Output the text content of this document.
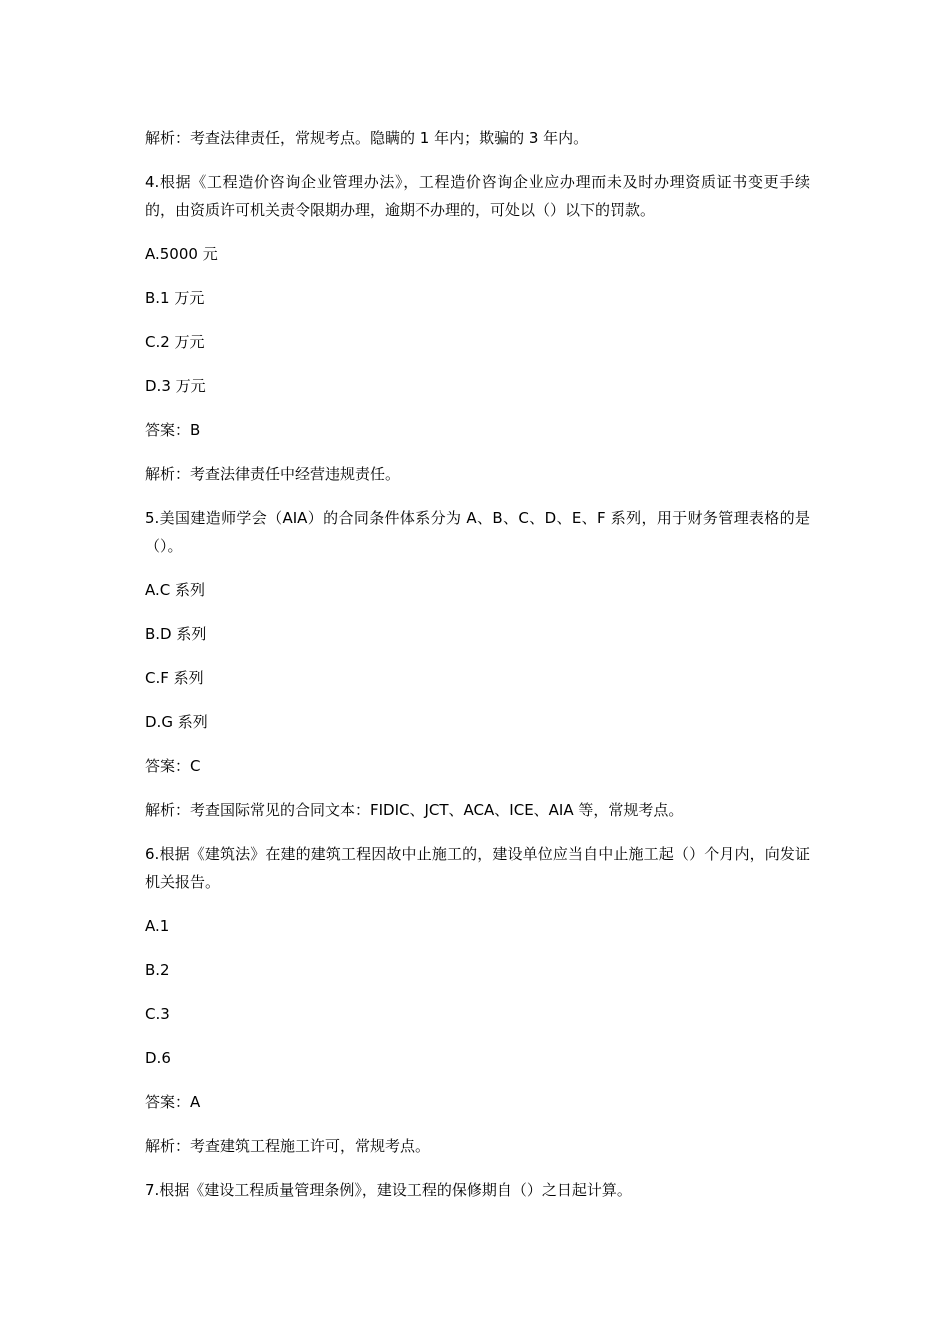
解析：考查法律责任，常规考点。隐瞒的 1 年内；欺骗的 3 年内。

4.根据《工程造价咨询企业管理办法》，工程造价咨询企业应办理而未及时办理资质证书变更手续的，由资质许可机关责令限期办理，逾期不办理的，可处以（）以下的罚款。

A.5000 元

B.1 万元

C.2 万元

D.3 万元

答案：B

解析：考查法律责任中经营违规责任。

5.美国建造师学会（AIA）的合同条件体系分为 A、B、C、D、E、F 系列，用于财务管理表格的是（）。

A.C 系列

B.D 系列

C.F 系列

D.G 系列

答案：C

解析：考查国际常见的合同文本：FIDIC、JCT、ACA、ICE、AIA 等，常规考点。

6.根据《建筑法》在建的建筑工程因故中止施工的，建设单位应当自中止施工起（）个月内，向发证机关报告。

A.1

B.2

C.3

D.6

答案：A

解析：考查建筑工程施工许可，常规考点。

7.根据《建设工程质量管理条例》，建设工程的保修期自（）之日起计算。
